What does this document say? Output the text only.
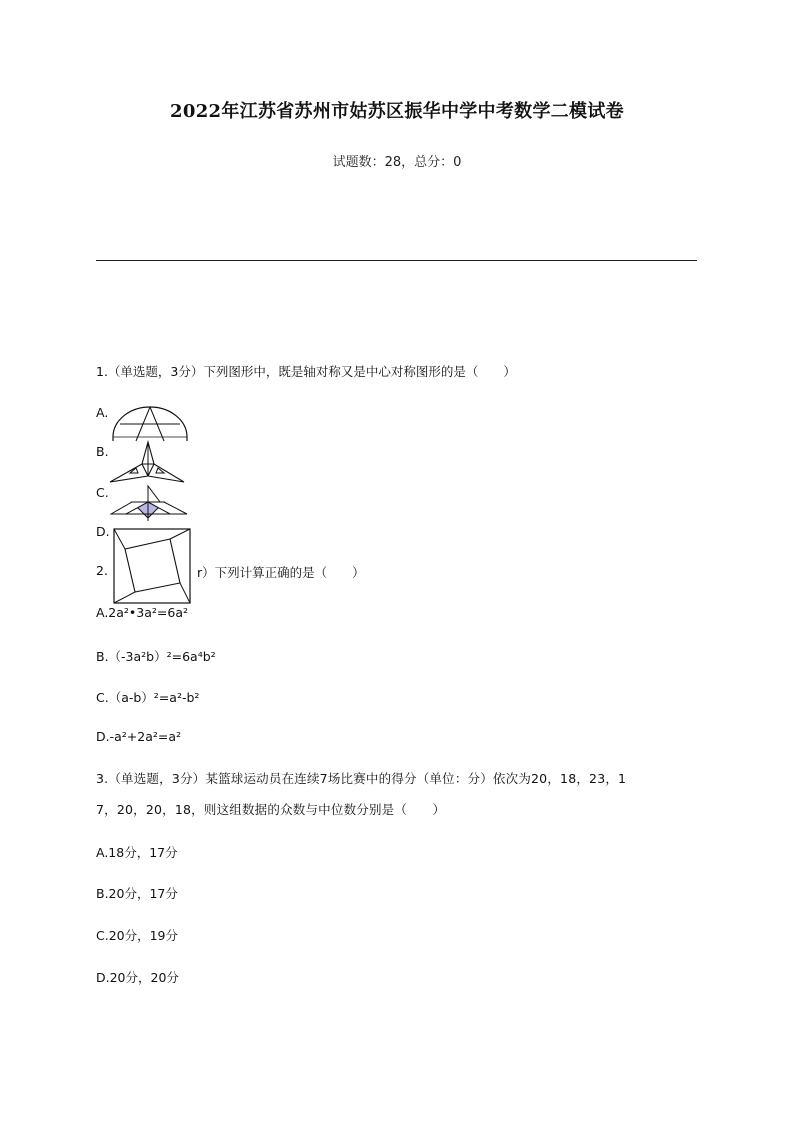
2022年江苏省苏州市姑苏区振华中学中考数学二模试卷
试题数：28，总分：0
1.（单选题，3分）下列图形中，既是轴对称又是中心对称图形的是（　　）
A.
B.
C.
D.
2.	r）下列计算正确的是（　　）
A.2a²•3a²=6a²
B.（-3a²b）²=6a⁴b²
C.（a-b）²=a²-b²
D.-a²+2a²=a²
3.（单选题，3分）某篮球运动员在连续7场比赛中的得分（单位：分）依次为20，18，23，1
7，20，20，18，则这组数据的众数与中位数分别是（　　）
A.18分，17分
B.20分，17分
C.20分，19分
D.20分，20分
